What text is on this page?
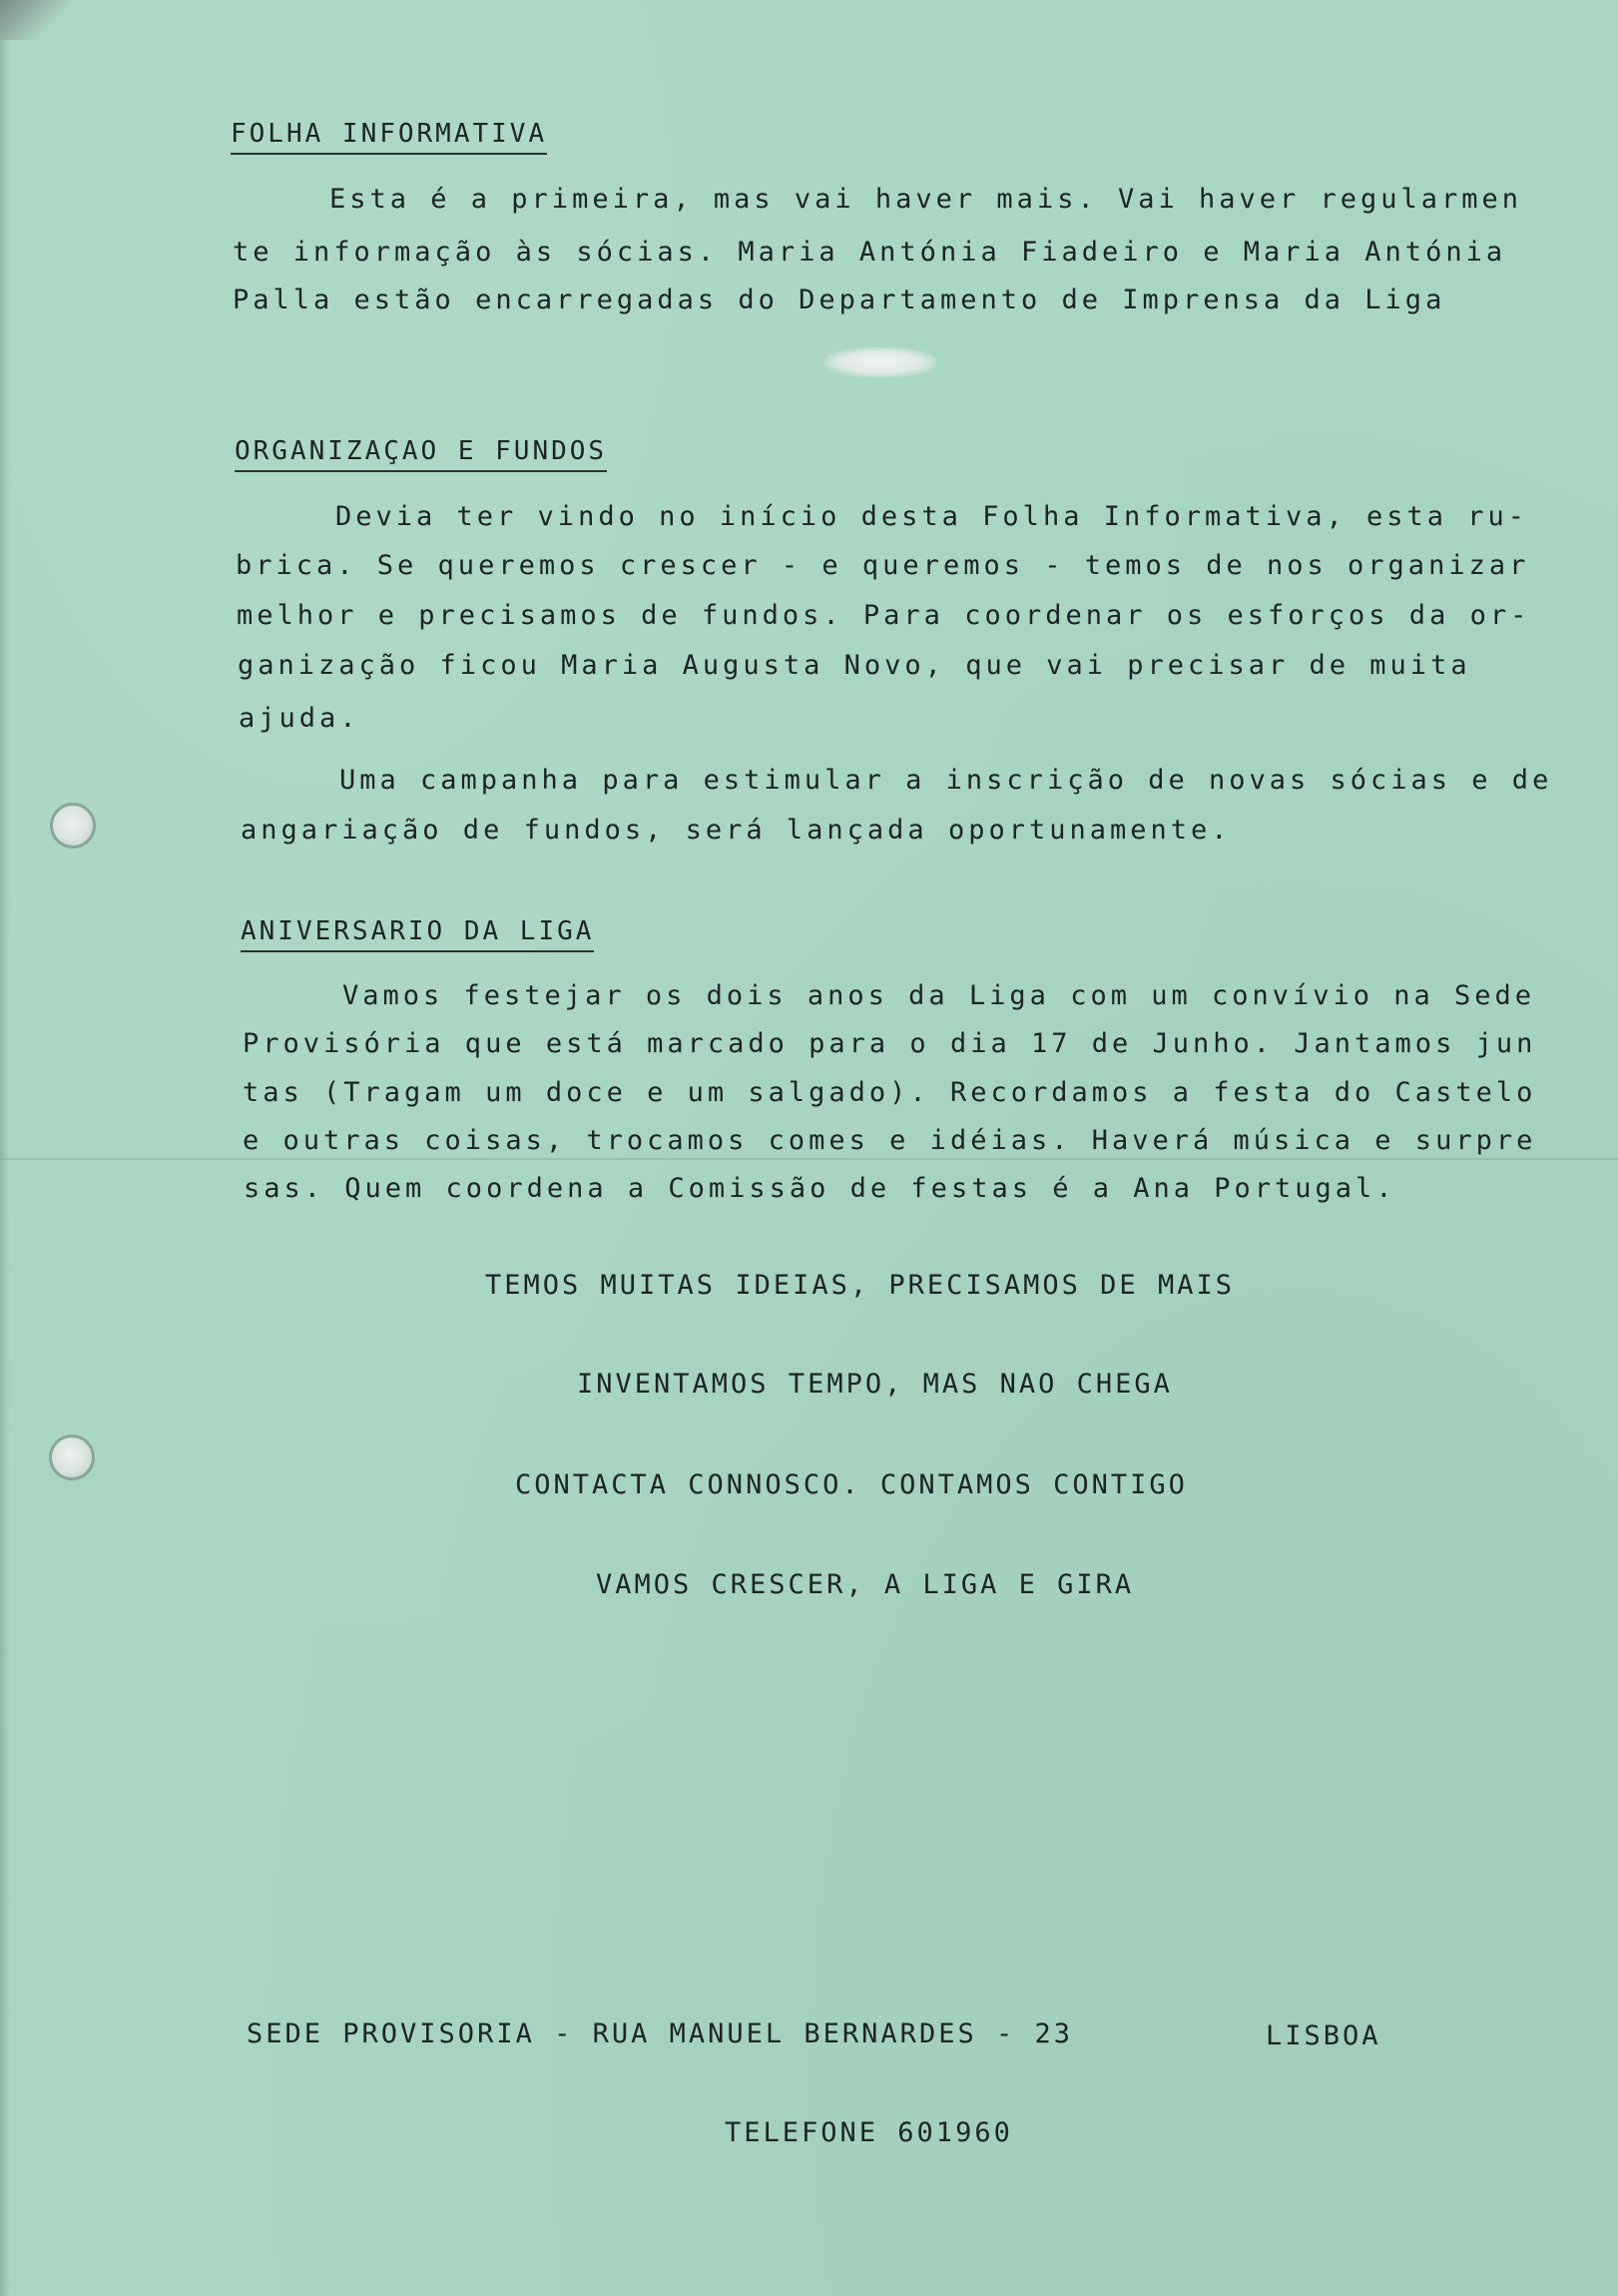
FOLHA INFORMATIVA
Esta é a primeira, mas vai haver mais. Vai haver regularmen
te informação às sócias. Maria Antónia Fiadeiro e Maria Antónia
Palla estão encarregadas do Departamento de Imprensa da Liga
ORGANIZAÇAO E FUNDOS
Devia ter vindo no início desta Folha Informativa, esta ru-
brica. Se queremos crescer - e queremos - temos de nos organizar
melhor e precisamos de fundos. Para coordenar os esforços da or-
ganização ficou Maria Augusta Novo, que vai precisar de muita
ajuda.
Uma campanha para estimular a inscrição de novas sócias e de
angariação de fundos, será lançada oportunamente.
ANIVERSARIO DA LIGA
Vamos festejar os dois anos da Liga com um convívio na Sede
Provisória que está marcado para o dia 17 de Junho. Jantamos jun
tas (Tragam um doce e um salgado). Recordamos a festa do Castelo
e outras coisas, trocamos comes e idéias. Haverá música e surpre
sas. Quem coordena a Comissão de festas é a Ana Portugal.
TEMOS MUITAS IDEIAS, PRECISAMOS DE MAIS
INVENTAMOS TEMPO, MAS NAO CHEGA
CONTACTA CONNOSCO. CONTAMOS CONTIGO
VAMOS CRESCER, A LIGA E GIRA
SEDE PROVISORIA - RUA MANUEL BERNARDES - 23	LISBOA
TELEFONE 601960
